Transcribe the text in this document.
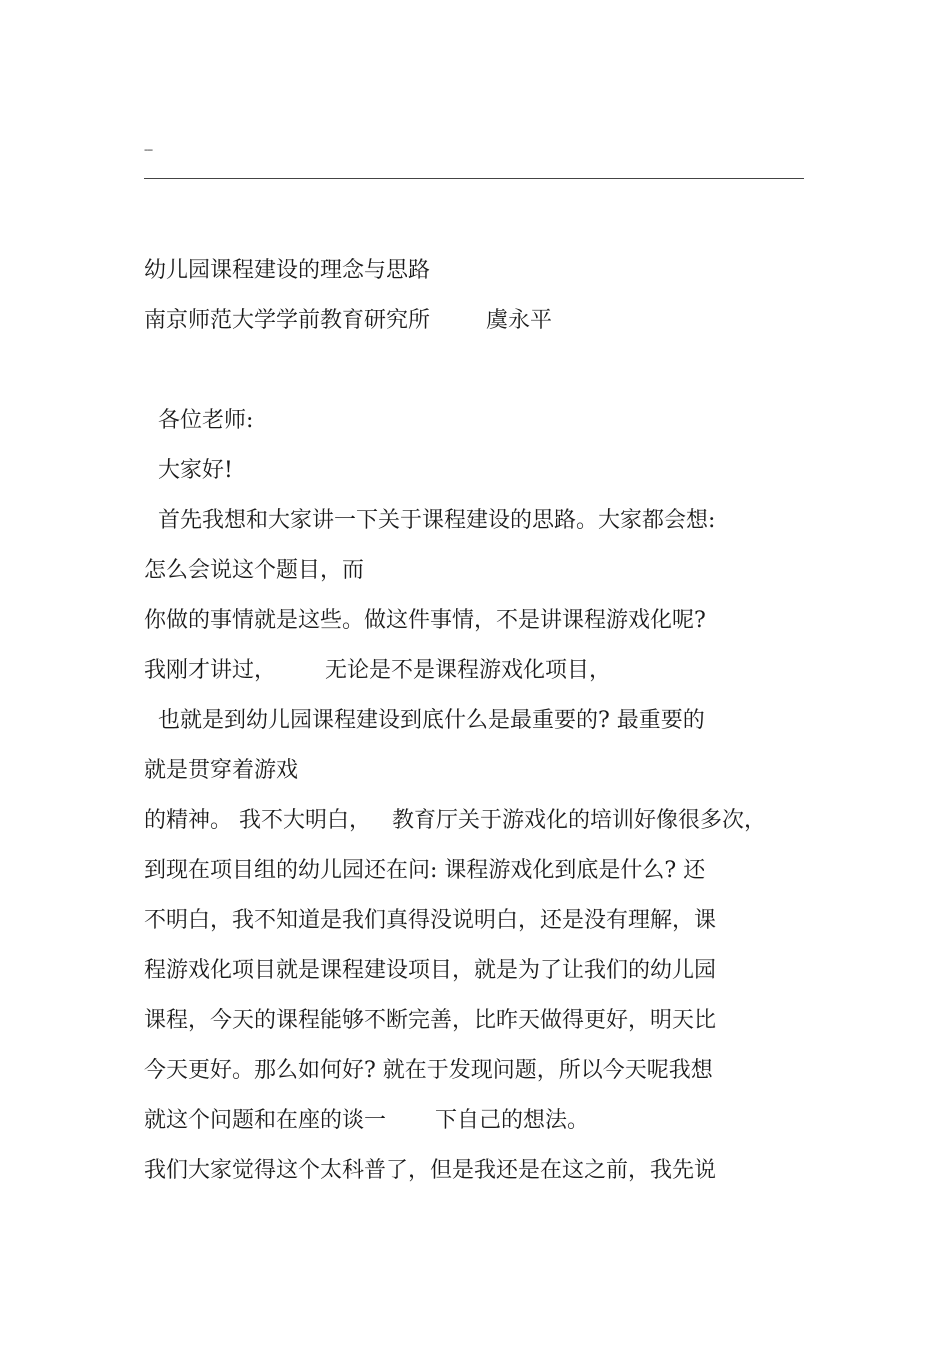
---
幼儿园课程建设的理念与思路
南京师范大学学前教育研究所        虞永平
各位老师:
大家好!
首先我想和大家讲一下关于课程建设的思路。大家都会想:
怎么会说这个题目，而
你做的事情就是这些。做这件事情，不是讲课程游戏化呢?
我刚才讲过，       无论是不是课程游戏化项目，
也就是到幼儿园课程建设到底什么是最重要的? 最重要的
就是贯穿着游戏
的精神。 我不大明白，   教育厅关于游戏化的培训好像很多次，
到现在项目组的幼儿园还在问: 课程游戏化到底是什么? 还
不明白，我不知道是我们真得没说明白，还是没有理解，课
程游戏化项目就是课程建设项目，就是为了让我们的幼儿园
课程，今天的课程能够不断完善，比昨天做得更好，明天比
今天更好。那么如何好? 就在于发现问题，所以今天呢我想
就这个问题和在座的谈一       下自己的想法。
我们大家觉得这个太科普了，但是我还是在这之前，我先说
